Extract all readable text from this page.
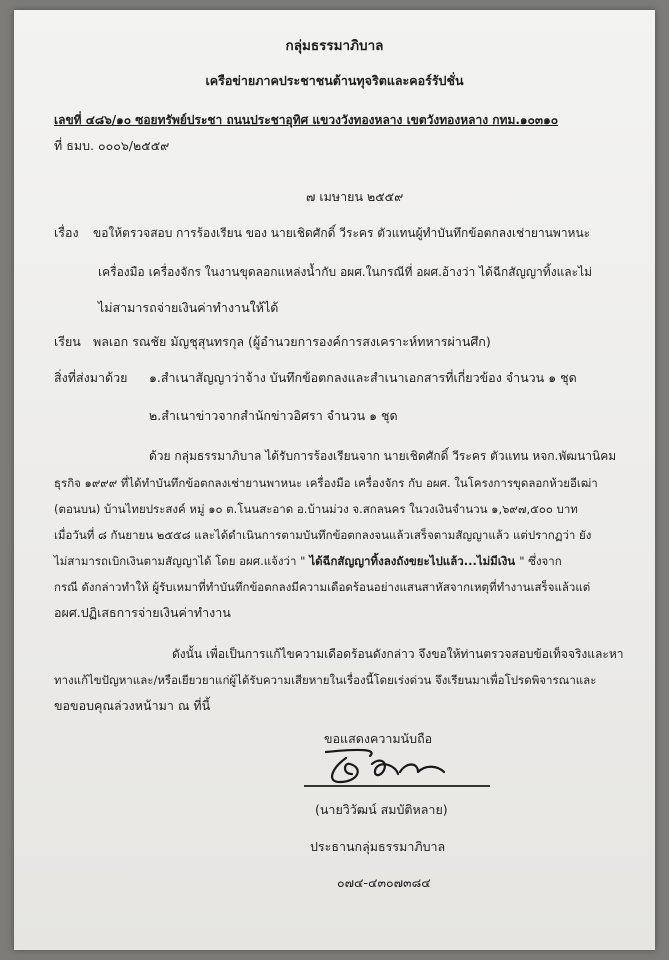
กลุ่มธรรมาภิบาล
เครือข่ายภาคประชาชนต้านทุจริตและคอร์รัปชั่น
เลขที่ ๔๘๖/๑๐ ซอยทรัพย์ประชา ถนนประชาอุทิศ แขวงวังทองหลาง เขตวังทองหลาง กทม.๑๐๓๑๐
ที่ ธมบ. ๐๐๐๖/๒๕๕๙
๗ เมษายน ๒๕๕๙
เรื่อง ขอให้ตรวจสอบ การร้องเรียน ของ นายเชิดศักดิ์ วีระคร ตัวแทนผู้ทำบันทึกข้อตกลงเช่ายานพาหนะ
เครื่องมือ เครื่องจักร ในงานขุดลอกแหล่งน้ำกับ อผศ.ในกรณีที่ อผศ.อ้างว่า ได้ฉีกสัญญาทิ้งและไม่
ไม่สามารถจ่ายเงินค่าทำงานให้ได้
เรียน พลเอก รณชัย มัญชุสุนทรกุล (ผู้อำนวยการองค์การสงเคราะห์ทหารผ่านศึก)
สิ่งที่ส่งมาด้วย ๑.สำเนาสัญญาว่าจ้าง บันทึกข้อตกลงและสำเนาเอกสารที่เกี่ยวข้อง จำนวน ๑ ชุด
๒.สำเนาข่าวจากสำนักข่าวอิศรา จำนวน ๑ ชุด
ด้วย กลุ่มธรรมาภิบาล ได้รับการร้องเรียนจาก นายเชิดศักดิ์ วีระคร ตัวแทน หจก.พัฒนานิคม
ธุรกิจ ๑๙๙๙ ที่ได้ทำบันทึกข้อตกลงเช่ายานพาหนะ เครื่องมือ เครื่องจักร กับ อผศ. ในโครงการขุดลอกห้วยอีเฒ่า
(ตอนบน) บ้านไทยประสงค์ หมู่ ๑๐ ต.โนนสะอาด อ.บ้านม่วง จ.สกลนคร ในวงเงินจำนวน ๑,๖๙๗,๕๐๐ บาท
เมื่อวันที่ ๘ กันยายน ๒๕๕๘ และได้ดำเนินการตามบันทึกข้อตกลงจนแล้วเสร็จตามสัญญาแล้ว แต่ปรากฏว่า ยัง
ไม่สามารถเบิกเงินตามสัญญาได้ โดย อผศ.แจ้งว่า " ได้ฉีกสัญญาทิ้งลงถังขยะไปแล้ว...ไม่มีเงิน " ซึ่งจาก
กรณี ดังกล่าวทำให้ ผู้รับเหมาที่ทำบันทึกข้อตกลงมีความเดือดร้อนอย่างแสนสาหัสจากเหตุที่ทำงานเสร็จแล้วแต่
อผศ.ปฏิเสธการจ่ายเงินค่าทำงาน
ดังนั้น เพื่อเป็นการแก้ไขความเดือดร้อนดังกล่าว จึงขอให้ท่านตรวจสอบข้อเท็จจริงและหา
ทางแก้ไขปัญหาและ/หรือเยียวยาแก่ผู้ได้รับความเสียหายในเรื่องนี้โดยเร่งด่วน จึงเรียนมาเพื่อโปรดพิจารณาและ
ขอขอบคุณล่วงหน้ามา ณ ที่นี้
ขอแสดงความนับถือ
(นายวิวัฒน์ สมบัติหลาย)
ประธานกลุ่มธรรมาภิบาล
๐๗๔-๔๓๐๗๓๘๔
